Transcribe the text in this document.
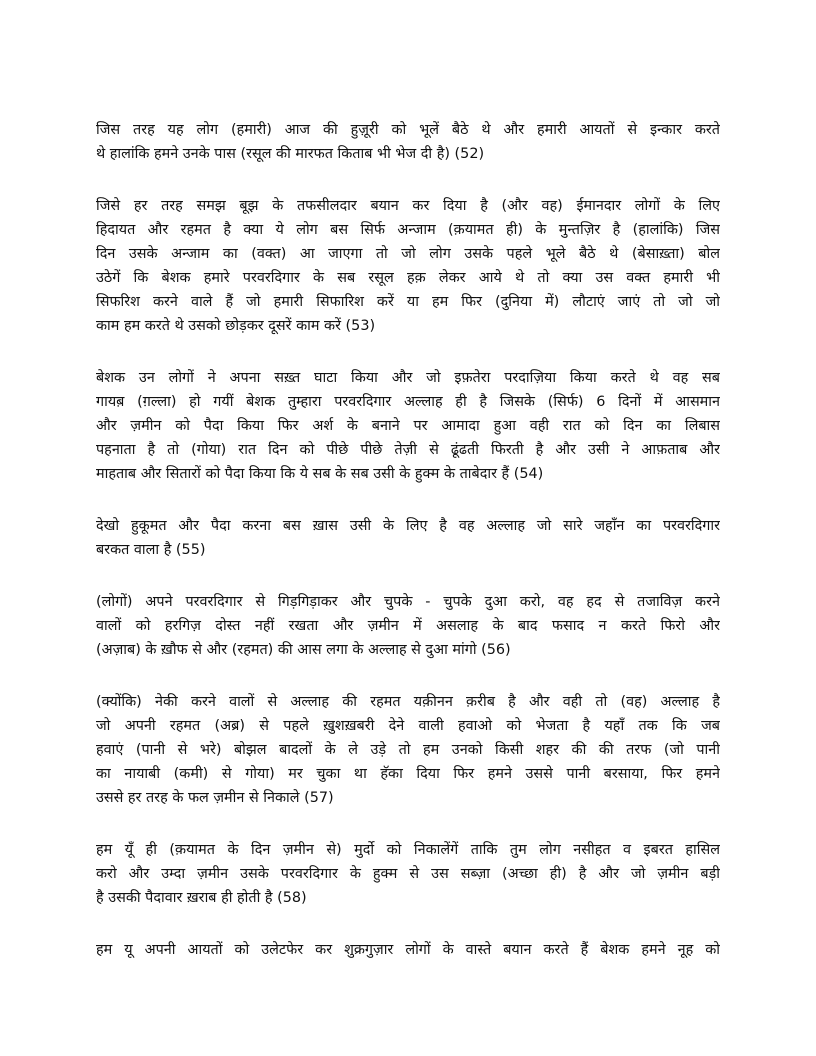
जिस तरह यह लोग (हमारी) आज की हुज़ूरी को भूलें बैठे थे और हमारी आयतों से इन्कार करते
थे हालांकि हमने उनके पास (रसूल की मारफत किताब भी भेज दी है) (52)
जिसे हर तरह समझ बूझ के तफसीलदार बयान कर दिया है (और वह) ईमानदार लोगों के लिए
हिदायत और रहमत है क्या ये लोग बस सिर्फ अन्जाम (क़यामत ही) के मुन्तज़िर है (हालांकि) जिस
दिन उसके अन्जाम का (वक्त) आ जाएगा तो जो लोग उसके पहले भूले बैठे थे (बेसाख़्ता) बोल
उठेगें कि बेशक हमारे परवरदिगार के सब रसूल हक़ लेकर आये थे तो क्या उस वक्त हमारी भी
सिफरिश करने वाले हैं जो हमारी सिफारिश करें या हम फिर (दुनिया में) लौटाएं जाएं तो जो जो
काम हम करते थे उसको छोड़कर दूसरें काम करें (53)
बेशक उन लोगों ने अपना सख़्त घाटा किया और जो इफ़तेरा परदाज़िया किया करते थे वह सब
गायब़ (ग़ल्ला) हो गयीं बेशक तुम्हारा परवरदिगार अल्लाह ही है जिसके (सिर्फ) 6 दिनों में आसमान
और ज़मीन को पैदा किया फिर अर्श के बनाने पर आमादा हुआ वही रात को दिन का लिबास
पहनाता है तो (गोया) रात दिन को पीछे पीछे तेज़ी से ढूंढती फिरती है और उसी ने आफ़ताब और
माहताब और सितारों को पैदा किया कि ये सब के सब उसी के हुक्म के ताबेदार हैं (54)
देखो हुकूमत और पैदा करना बस ख़ास उसी के लिए है वह अल्लाह जो सारे जहाँन का परवरदिगार
बरकत वाला है (55)
(लोगों) अपने परवरदिगार से गिड़गिड़ाकर और चुपके - चुपके दुआ करो, वह हद से तजाविज़ करने
वालों को हरगिज़ दोस्त नहीं रखता और ज़मीन में असलाह के बाद फसाद न करते फिरो और
(अज़ाब) के ख़ौफ से और (रहमत) की आस लगा के अल्लाह से दुआ मांगो (56)
(क्योंकि) नेकी करने वालों से अल्लाह की रहमत यक़ीनन क़रीब है और वही तो (वह) अल्लाह है
जो अपनी रहमत (अब्र) से पहले ख़ुशख़बरी देने वाली हवाओ को भेजता है यहाँ तक कि जब
हवाएं (पानी से भरे) बोझल बादलों के ले उड़े तो हम उनको किसी शहर की की तरफ (जो पानी
का नायाबी (कमी) से गोया) मर चुका था हॅका दिया फिर हमने उससे पानी बरसाया, फिर हमने
उससे हर तरह के फल ज़मीन से निकाले (57)
हम यूँ ही (क़यामत के दिन ज़मीन से) मुर्दो को निकालेंगें ताकि तुम लोग नसीहत व इबरत हासिल
करो और उम्दा ज़मीन उसके परवरदिगार के हुक्म से उस सब्ज़ा (अच्छा ही) है और जो ज़मीन बड़ी
है उसकी पैदावार ख़राब ही होती है (58)
हम यू अपनी आयतों को उलेटफेर कर शुक्रगुज़ार लोगों के वास्ते बयान करते हैं बेशक हमने नूह को
